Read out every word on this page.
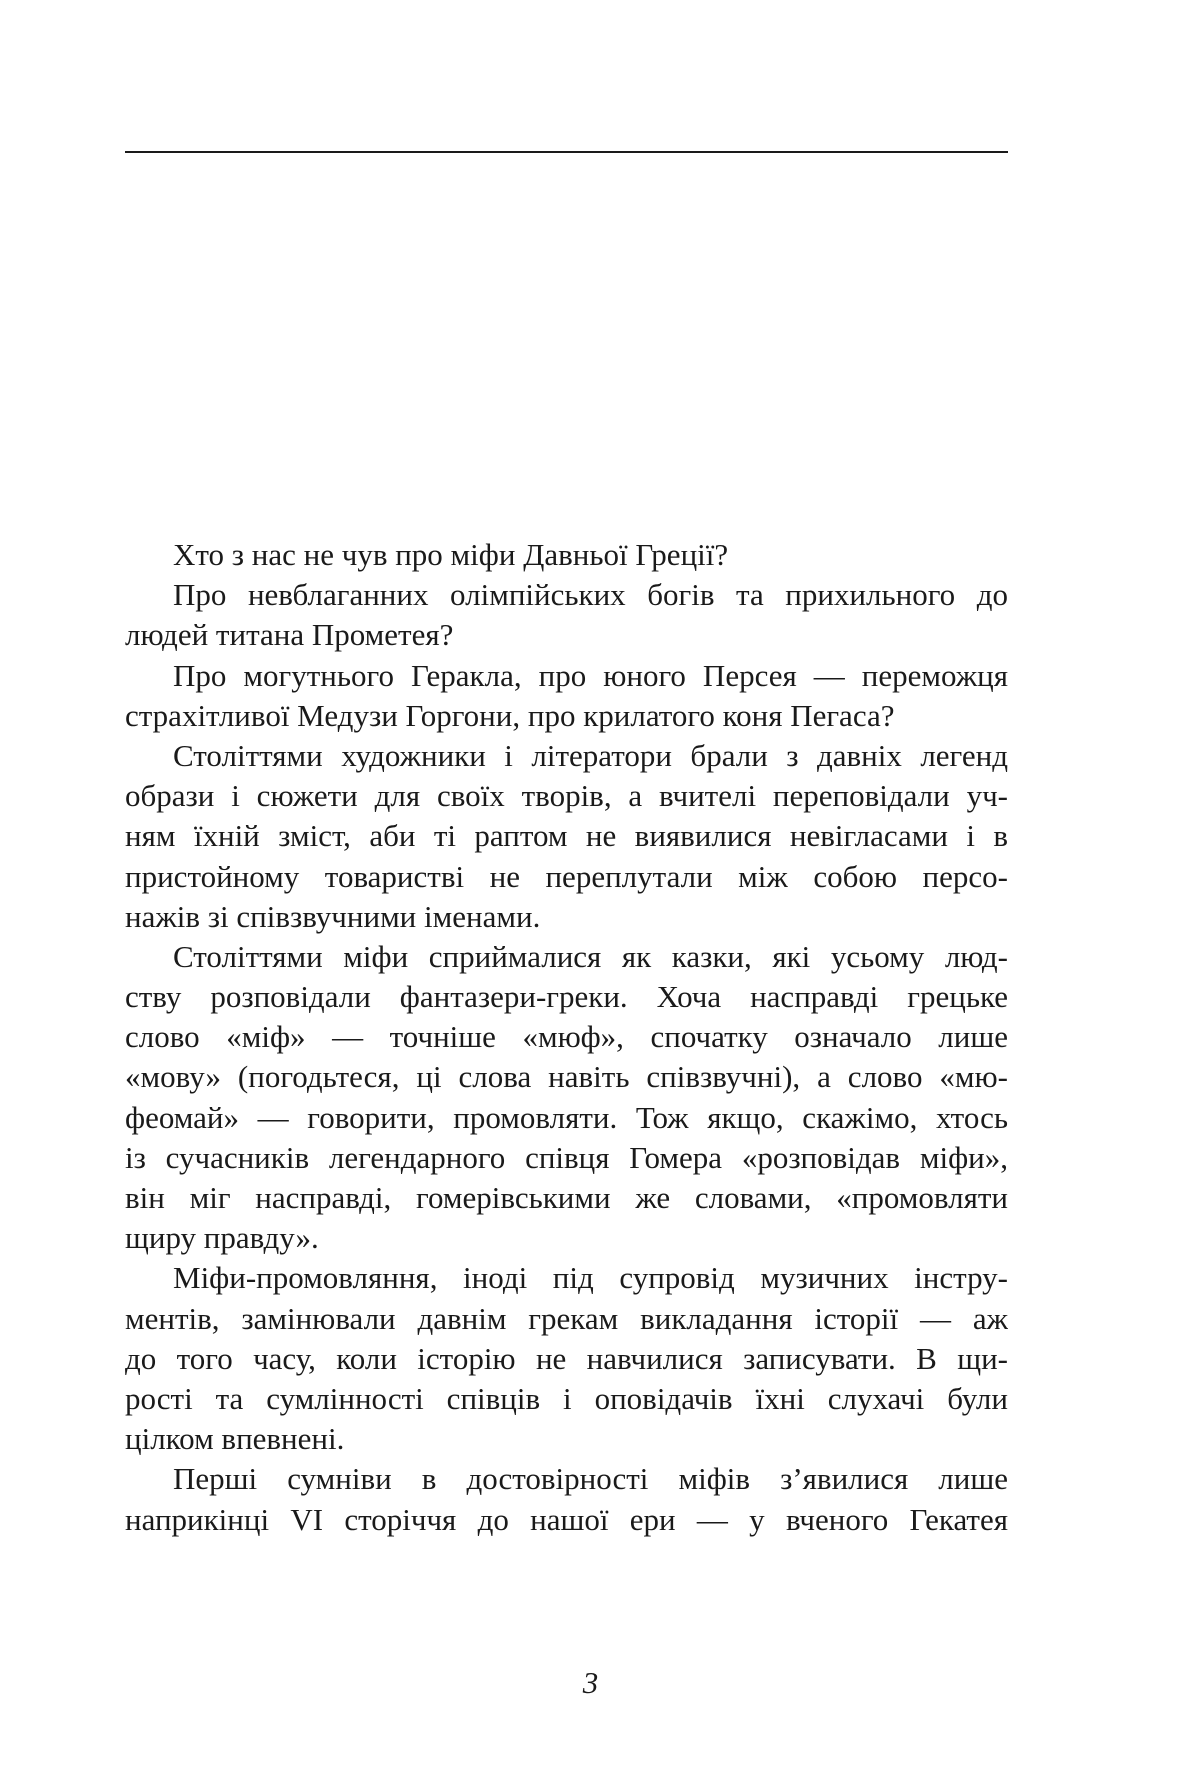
Хто з нас не чув про міфи Давньої Греції?
Про невблаганних олімпійських богів та прихильного до
людей титана Прометея?
Про могутнього Геракла, про юного Персея — переможця
страхітливої Медузи Горгони, про крилатого коня Пегаса?
Століттями художники і літератори брали з давніх легенд
образи і сюжети для своїх творів, а вчителі переповідали уч-
ням їхній зміст, аби ті раптом не виявилися невігласами і в
пристойному товаристві не переплутали між собою персо-
нажів зі співзвучними іменами.
Століттями міфи сприймалися як казки, які усьому люд-
ству розповідали фантазери-греки. Хоча насправді грецьке
слово «міф» — точніше «мюф», спочатку означало лише
«мову» (погодьтеся, ці слова навіть співзвучні), а слово «мю-
феомай» — говорити, промовляти. Тож якщо, скажімо, хтось
із сучасників легендарного співця Гомера «розповідав міфи»,
він міг насправді, гомерівськими же словами, «промовляти
щиру правду».
Міфи-промовляння, іноді під супровід музичних інстру-
ментів, замінювали давнім грекам викладання історії — аж
до того часу, коли історію не навчилися записувати. В щи-
рості та сумлінності співців і оповідачів їхні слухачі були
цілком впевнені.
Перші сумніви в достовірності міфів з’явилися лише
наприкінці VI сторіччя до нашої ери — у вченого Гекатея
3
